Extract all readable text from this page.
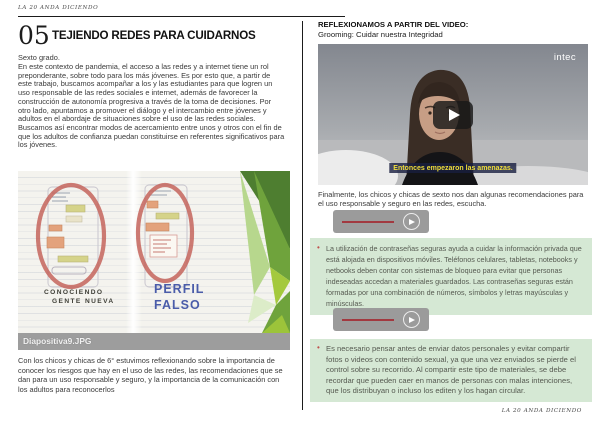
LA 20 ANDA DICIENDO
05 TEJIENDO REDES PARA CUIDARNOS

Sexto grado.

En este contexto de pandemia, el acceso a las redes y a internet tiene un rol preponderante, sobre todo para los más jóvenes. Es por esto que, a partir de este trabajo, buscamos acompañar a los y las estudiantes para que logren un uso responsable de las redes sociales e internet, además de favorecer la construcción de autonomía progresiva a través de la toma de decisiones. Por otro lado, apuntamos a promover el diálogo y el intercambio entre jóvenes y adultos en el abordaje de situaciones sobre el uso de las redes sociales. Buscamos así encontrar modos de acercamiento entre unos y otros con el fin de que los adultos de confianza puedan constituirse en referentes significativos para los jóvenes.

CONOCIENDO
GENTE NUEVA
PERFIL
FALSO
Diapositiva9.JPG

Con los chicos y chicas de 6° estuvimos reflexionando sobre la importancia de conocer los riesgos que hay en el uso de las redes, las recomendaciones que se dan para un uso responsable y seguro, y la importancia de la comunicación con los adultos para reconocerlos

REFLEXIONAMOS A PARTIR DEL VIDEO:
Grooming: Cuidar nuestra Integridad
intec
Entonces empezaron las amenazas.

Finalmente, los chicos y chicas de sexto nos dan algunas recomendaciones para el uso responsable y seguro en las redes, escucha.

• La utilización de contraseñas seguras ayuda a cuidar la información privada que está alojada en dispositivos móviles. Teléfonos celulares, tabletas, notebooks y netbooks deben contar con sistemas de bloqueo para evitar que personas indeseadas accedan a materiales guardados. Las contraseñas seguras están formadas por una combinación de números, símbolos y letras mayúsculas y minúsculas.
• Es necesario pensar antes de enviar datos personales y evitar compartir fotos o videos con contenido sexual, ya que una vez enviados se pierde el control sobre su recorrido. Al compartir este tipo de materiales, se debe recordar que pueden caer en manos de personas con malas intenciones, que los distribuyan o incluso los editen y los hagan circular.
LA 20 ANDA DICIENDO
